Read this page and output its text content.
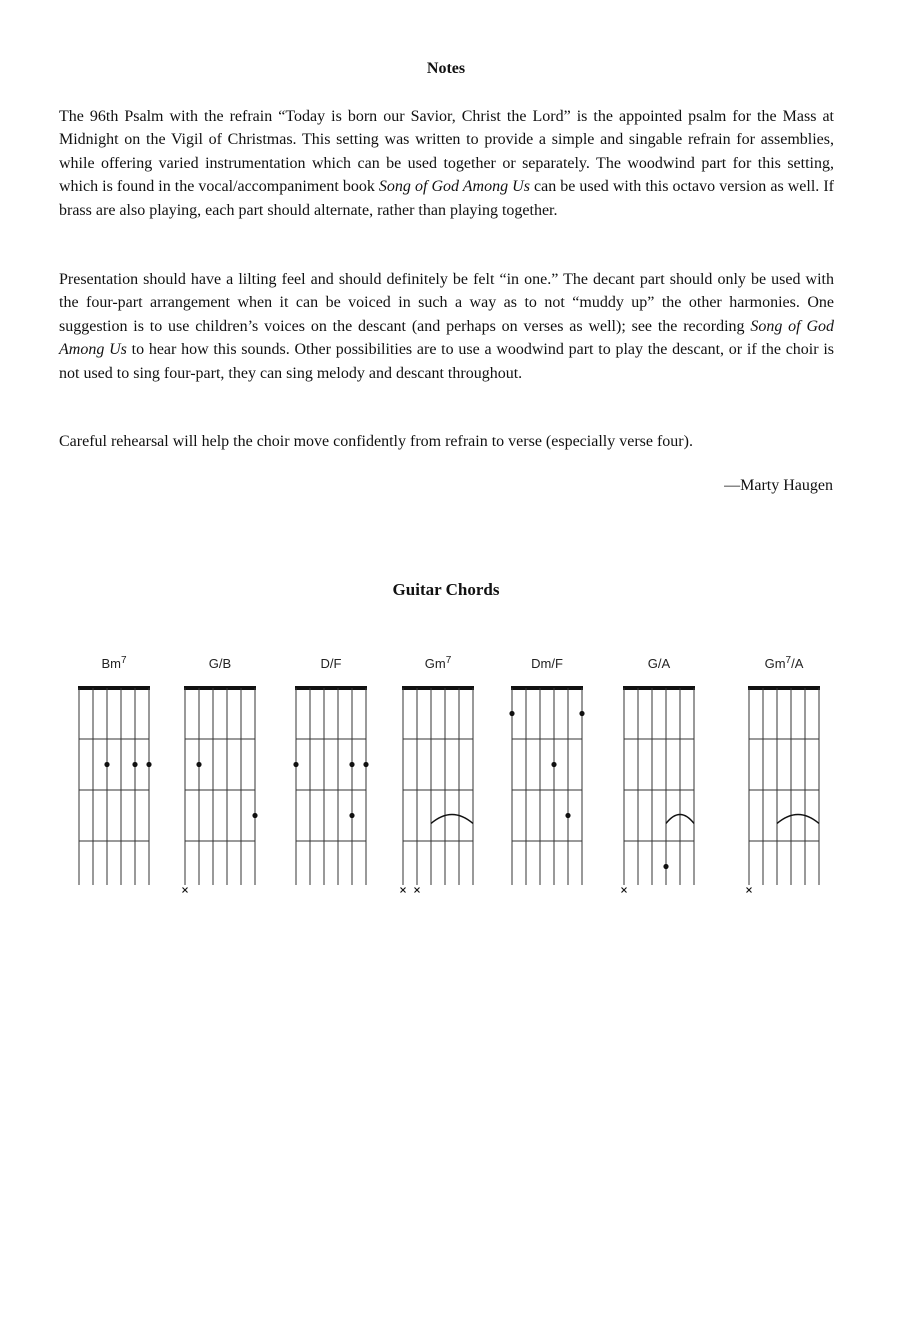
Notes
The 96th Psalm with the refrain “Today is born our Savior, Christ the Lord” is the appointed psalm for the Mass at Midnight on the Vigil of Christmas. This setting was written to provide a simple and singable refrain for assemblies, while offering varied instrumentation which can be used together or separately. The woodwind part for this setting, which is found in the vocal/accompaniment book Song of God Among Us can be used with this octavo version as well. If brass are also playing, each part should alternate, rather than playing together.
Presentation should have a lilting feel and should definitely be felt “in one.” The decant part should only be used with the four-part arrangement when it can be voiced in such a way as to not “muddy up” the other harmonies. One suggestion is to use children’s voices on the descant (and perhaps on verses as well); see the recording Song of God Among Us to hear how this sounds. Other possibilities are to use a woodwind part to play the descant, or if the choir is not used to sing four-part, they can sing melody and descant throughout.
Careful rehearsal will help the choir move confidently from refrain to verse (especially verse four).
—Marty Haugen
Guitar Chords
Bm$^7$	G/B	D/F	Gm$^7$	Dm/F	G/A	Gm$^7$/A
